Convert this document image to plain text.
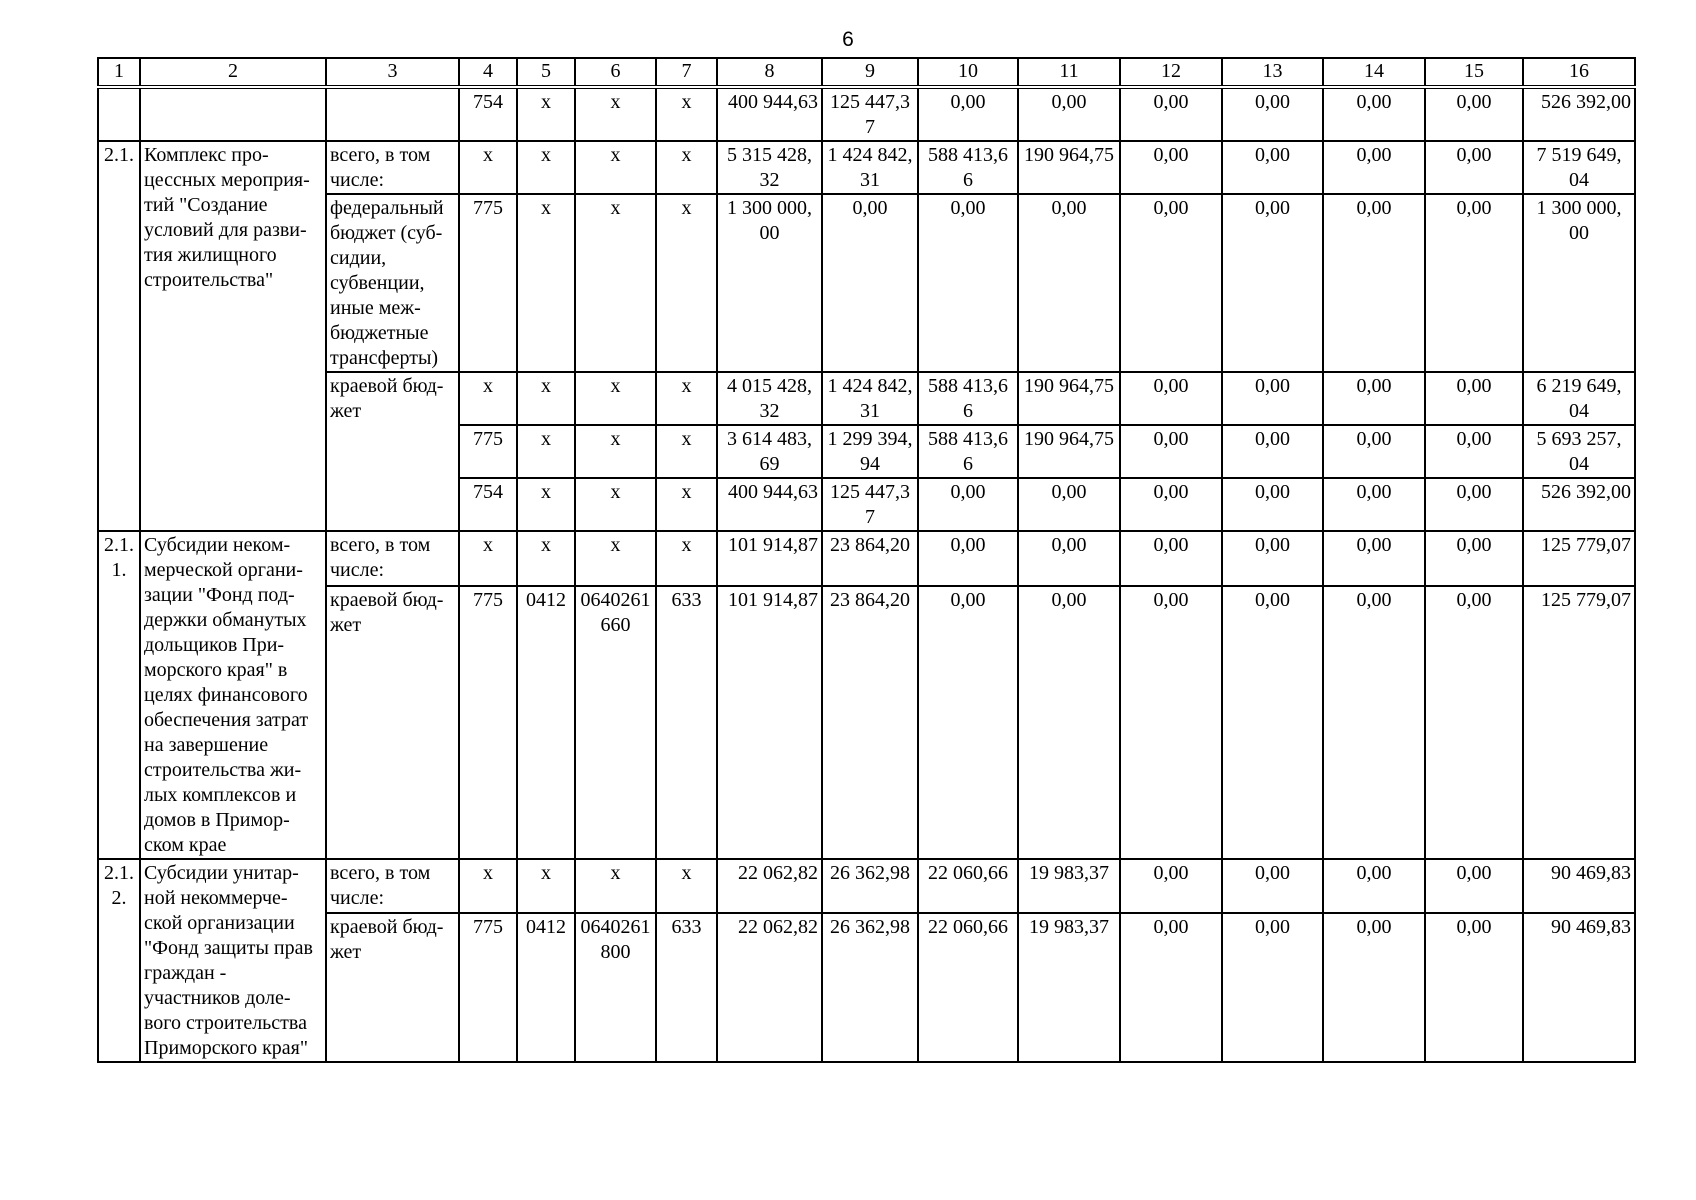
6
1	2	3	4	5	6	7	8	9	10	11	12	13	14	15	16
			754	x	x	x	400 944,63	125 447,3 7	0,00	0,00	0,00	0,00	0,00	0,00	526 392,00
2.1.	Комплекс про-цессных мероприя-тий "Создание условий для разви-тия жилищного строительства"	всего, в том числе:	x	x	x	x	5 315 428, 32	1 424 842, 31	588 413,6 6	190 964,75	0,00	0,00	0,00	0,00	7 519 649, 04
		федеральный бюджет (суб-сидии, субвенции, иные меж-бюджетные трансферты)	775	x	x	x	1 300 000, 00	0,00	0,00	0,00	0,00	0,00	0,00	0,00	1 300 000, 00
		краевой бюд-жет	x	x	x	x	4 015 428, 32	1 424 842, 31	588 413,6 6	190 964,75	0,00	0,00	0,00	0,00	6 219 649, 04
			775	x	x	x	3 614 483, 69	1 299 394, 94	588 413,6 6	190 964,75	0,00	0,00	0,00	0,00	5 693 257, 04
			754	x	x	x	400 944,63	125 447,3 7	0,00	0,00	0,00	0,00	0,00	0,00	526 392,00
2.1. 1.	Субсидии неком-мерческой органи-зации "Фонд под-держки обманутых дольщиков При-морского края" в целях финансового обеспечения затрат на завершение строительства жи-лых комплексов и домов в Примор-ском крае	всего, в том числе:	x	x	x	x	101 914,87	23 864,20	0,00	0,00	0,00	0,00	0,00	0,00	125 779,07
		краевой бюд-жет	775	0412	0640261 660	633	101 914,87	23 864,20	0,00	0,00	0,00	0,00	0,00	0,00	125 779,07
2.1. 2.	Субсидии унитар-ной некоммерче-ской организации "Фонд защиты прав граждан - участников доле-вого строительства Приморского края"	всего, в том числе:	x	x	x	x	22 062,82	26 362,98	22 060,66	19 983,37	0,00	0,00	0,00	0,00	90 469,83
		краевой бюд-жет	775	0412	0640261 800	633	22 062,82	26 362,98	22 060,66	19 983,37	0,00	0,00	0,00	0,00	90 469,83
